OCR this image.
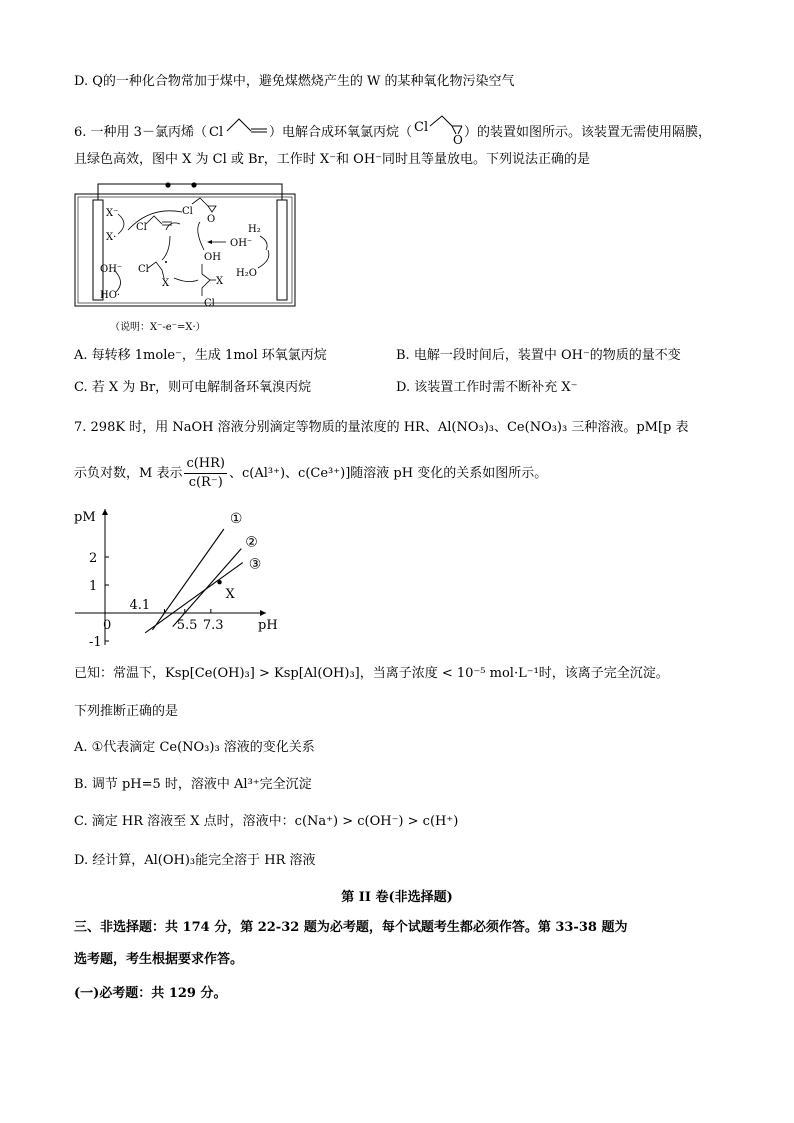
D. Q的一种化合物常加于煤中，避免煤燃烧产生的 W 的某种氧化物污染空气
6. 一种用 3－氯丙烯（ Cl	）电解合成环氧氯丙烷（ Cl
O ）的装置如图所示。该装置无需使用隔膜，
且绿色高效，图中 X 为 Cl 或 Br，工作时 X⁻和 OH⁻同时且等量放电。下列说法正确的是
X⁻
X·
OH⁻
HO·
Cl
Cl
O
Cl
X
OH
X
Cl
H₂
OH⁻
H₂O
（说明：X⁻-e⁻=X·）
A. 每转移 1mole⁻，生成 1mol 环氧氯丙烷	B. 电解一段时间后，装置中 OH⁻的物质的量不变
C. 若 X 为 Br，则可电解制备环氧溴丙烷	D. 该装置工作时需不断补充 X⁻
7. 298K 时，用 NaOH 溶液分别滴定等物质的量浓度的 HR、Al(NO₃)₃、Ce(NO₃)₃ 三种溶液。pM[p 表
示负对数，M 表示 $\frac{c(HR)}{c(R^-)}$ 、c(Al³⁺)、c(Ce³⁺)]随溶液 pH 变化的关系如图所示。
pM
pH
2
1
-1
0
4.1
5.5 7.3
①
②
③
X
已知：常温下，Ksp[Ce(OH)₃] > Ksp[Al(OH)₃]，当离子浓度 < 10⁻⁵ mol·L⁻¹时，该离子完全沉淀。
下列推断正确的是
A. ①代表滴定 Ce(NO₃)₃ 溶液的变化关系
B. 调节 pH=5 时，溶液中 Al³⁺完全沉淀
C. 滴定 HR 溶液至 X 点时，溶液中：c(Na⁺) > c(OH⁻) > c(H⁺)
D. 经计算，Al(OH)₃能完全溶于 HR 溶液
第 II 卷(非选择题)
三、非选择题：共 174 分，第 22-32 题为必考题，每个试题考生都必须作答。第 33-38 题为
选考题，考生根据要求作答。
(一)必考题：共 129 分。
